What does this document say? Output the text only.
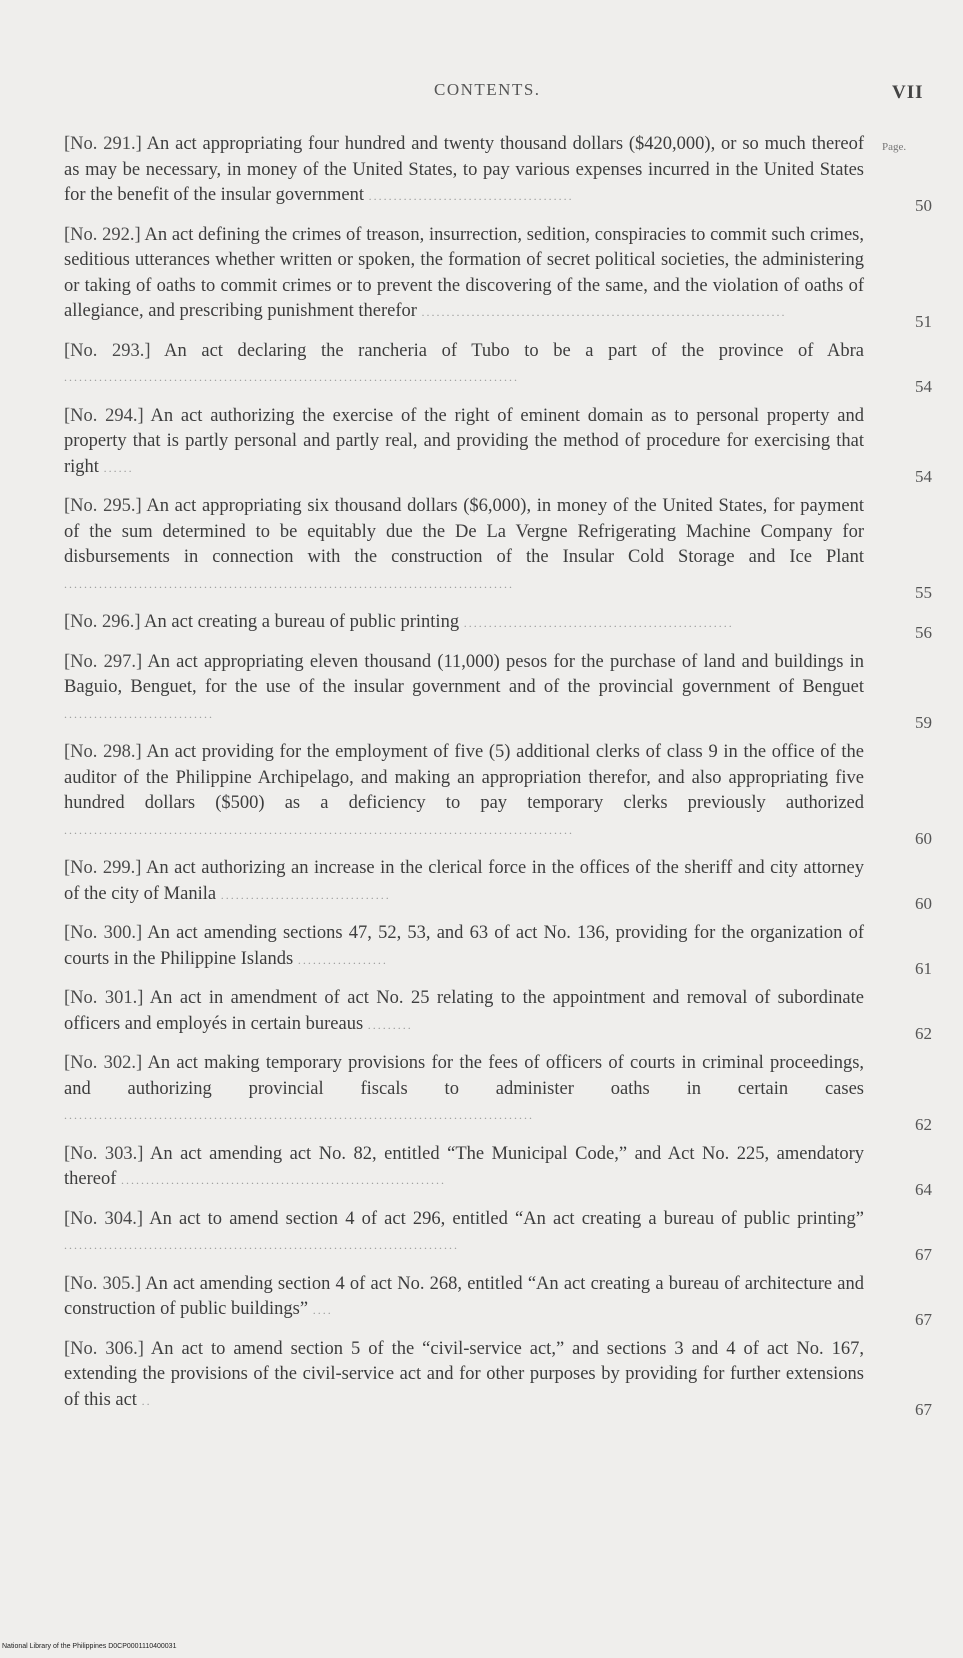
CONTENTS.	VII
Page.
[No. 291.] An act appropriating four hundred and twenty thousand dollars ($420,000), or so much thereof as may be necessary, in money of the United States, to pay various expenses incurred in the United States for the benefit of the insular government .........................................	50
[No. 292.] An act defining the crimes of treason, insurrection, sedition, conspiracies to commit such crimes, seditious utterances whether written or spoken, the formation of secret political societies, the administering or taking of oaths to commit crimes or to prevent the discovering of the same, and the violation of oaths of allegiance, and prescribing punishment therefor .........................................................................	51
[No. 293.] An act declaring the rancheria of Tubo to be a part of the province of Abra ...........................................................................................	54
[No. 294.] An act authorizing the exercise of the right of eminent domain as to personal property and property that is partly personal and partly real, and providing the method of procedure for exercising that right ......	54
[No. 295.] An act appropriating six thousand dollars ($6,000), in money of the United States, for payment of the sum determined to be equitably due the De La Vergne Refrigerating Machine Company for disbursements in connection with the construction of the Insular Cold Storage and Ice Plant ..........................................................................................	55
[No. 296.] An act creating a bureau of public printing ......................................................	56
[No. 297.] An act appropriating eleven thousand (11,000) pesos for the purchase of land and buildings in Baguio, Benguet, for the use of the insular government and of the provincial government of Benguet ..............................	59
[No. 298.] An act providing for the employment of five (5) additional clerks of class 9 in the office of the auditor of the Philippine Archipelago, and making an appropriation therefor, and also appropriating five hundred dollars ($500) as a deficiency to pay temporary clerks previously authorized ......................................................................................................	60
[No. 299.] An act authorizing an increase in the clerical force in the offices of the sheriff and city attorney of the city of Manila ..................................	60
[No. 300.] An act amending sections 47, 52, 53, and 63 of act No. 136, providing for the organization of courts in the Philippine Islands ..................	61
[No. 301.] An act in amendment of act No. 25 relating to the appointment and removal of subordinate officers and employés in certain bureaus .........	62
[No. 302.] An act making temporary provisions for the fees of officers of courts in criminal proceedings, and authorizing provincial fiscals to administer oaths in certain cases ..............................................................................................	62
[No. 303.] An act amending act No. 82, entitled “The Municipal Code,” and Act No. 225, amendatory thereof .................................................................	64
[No. 304.] An act to amend section 4 of act 296, entitled “An act creating a bureau of public printing” ...............................................................................	67
[No. 305.] An act amending section 4 of act No. 268, entitled “An act creating a bureau of architecture and construction of public buildings” ....	67
[No. 306.] An act to amend section 5 of the “civil-service act,” and sections 3 and 4 of act No. 167, extending the provisions of the civil-service act and for other purposes by providing for further extensions of this act ..	67
National Library of the Philippines D0CP0001110400031
